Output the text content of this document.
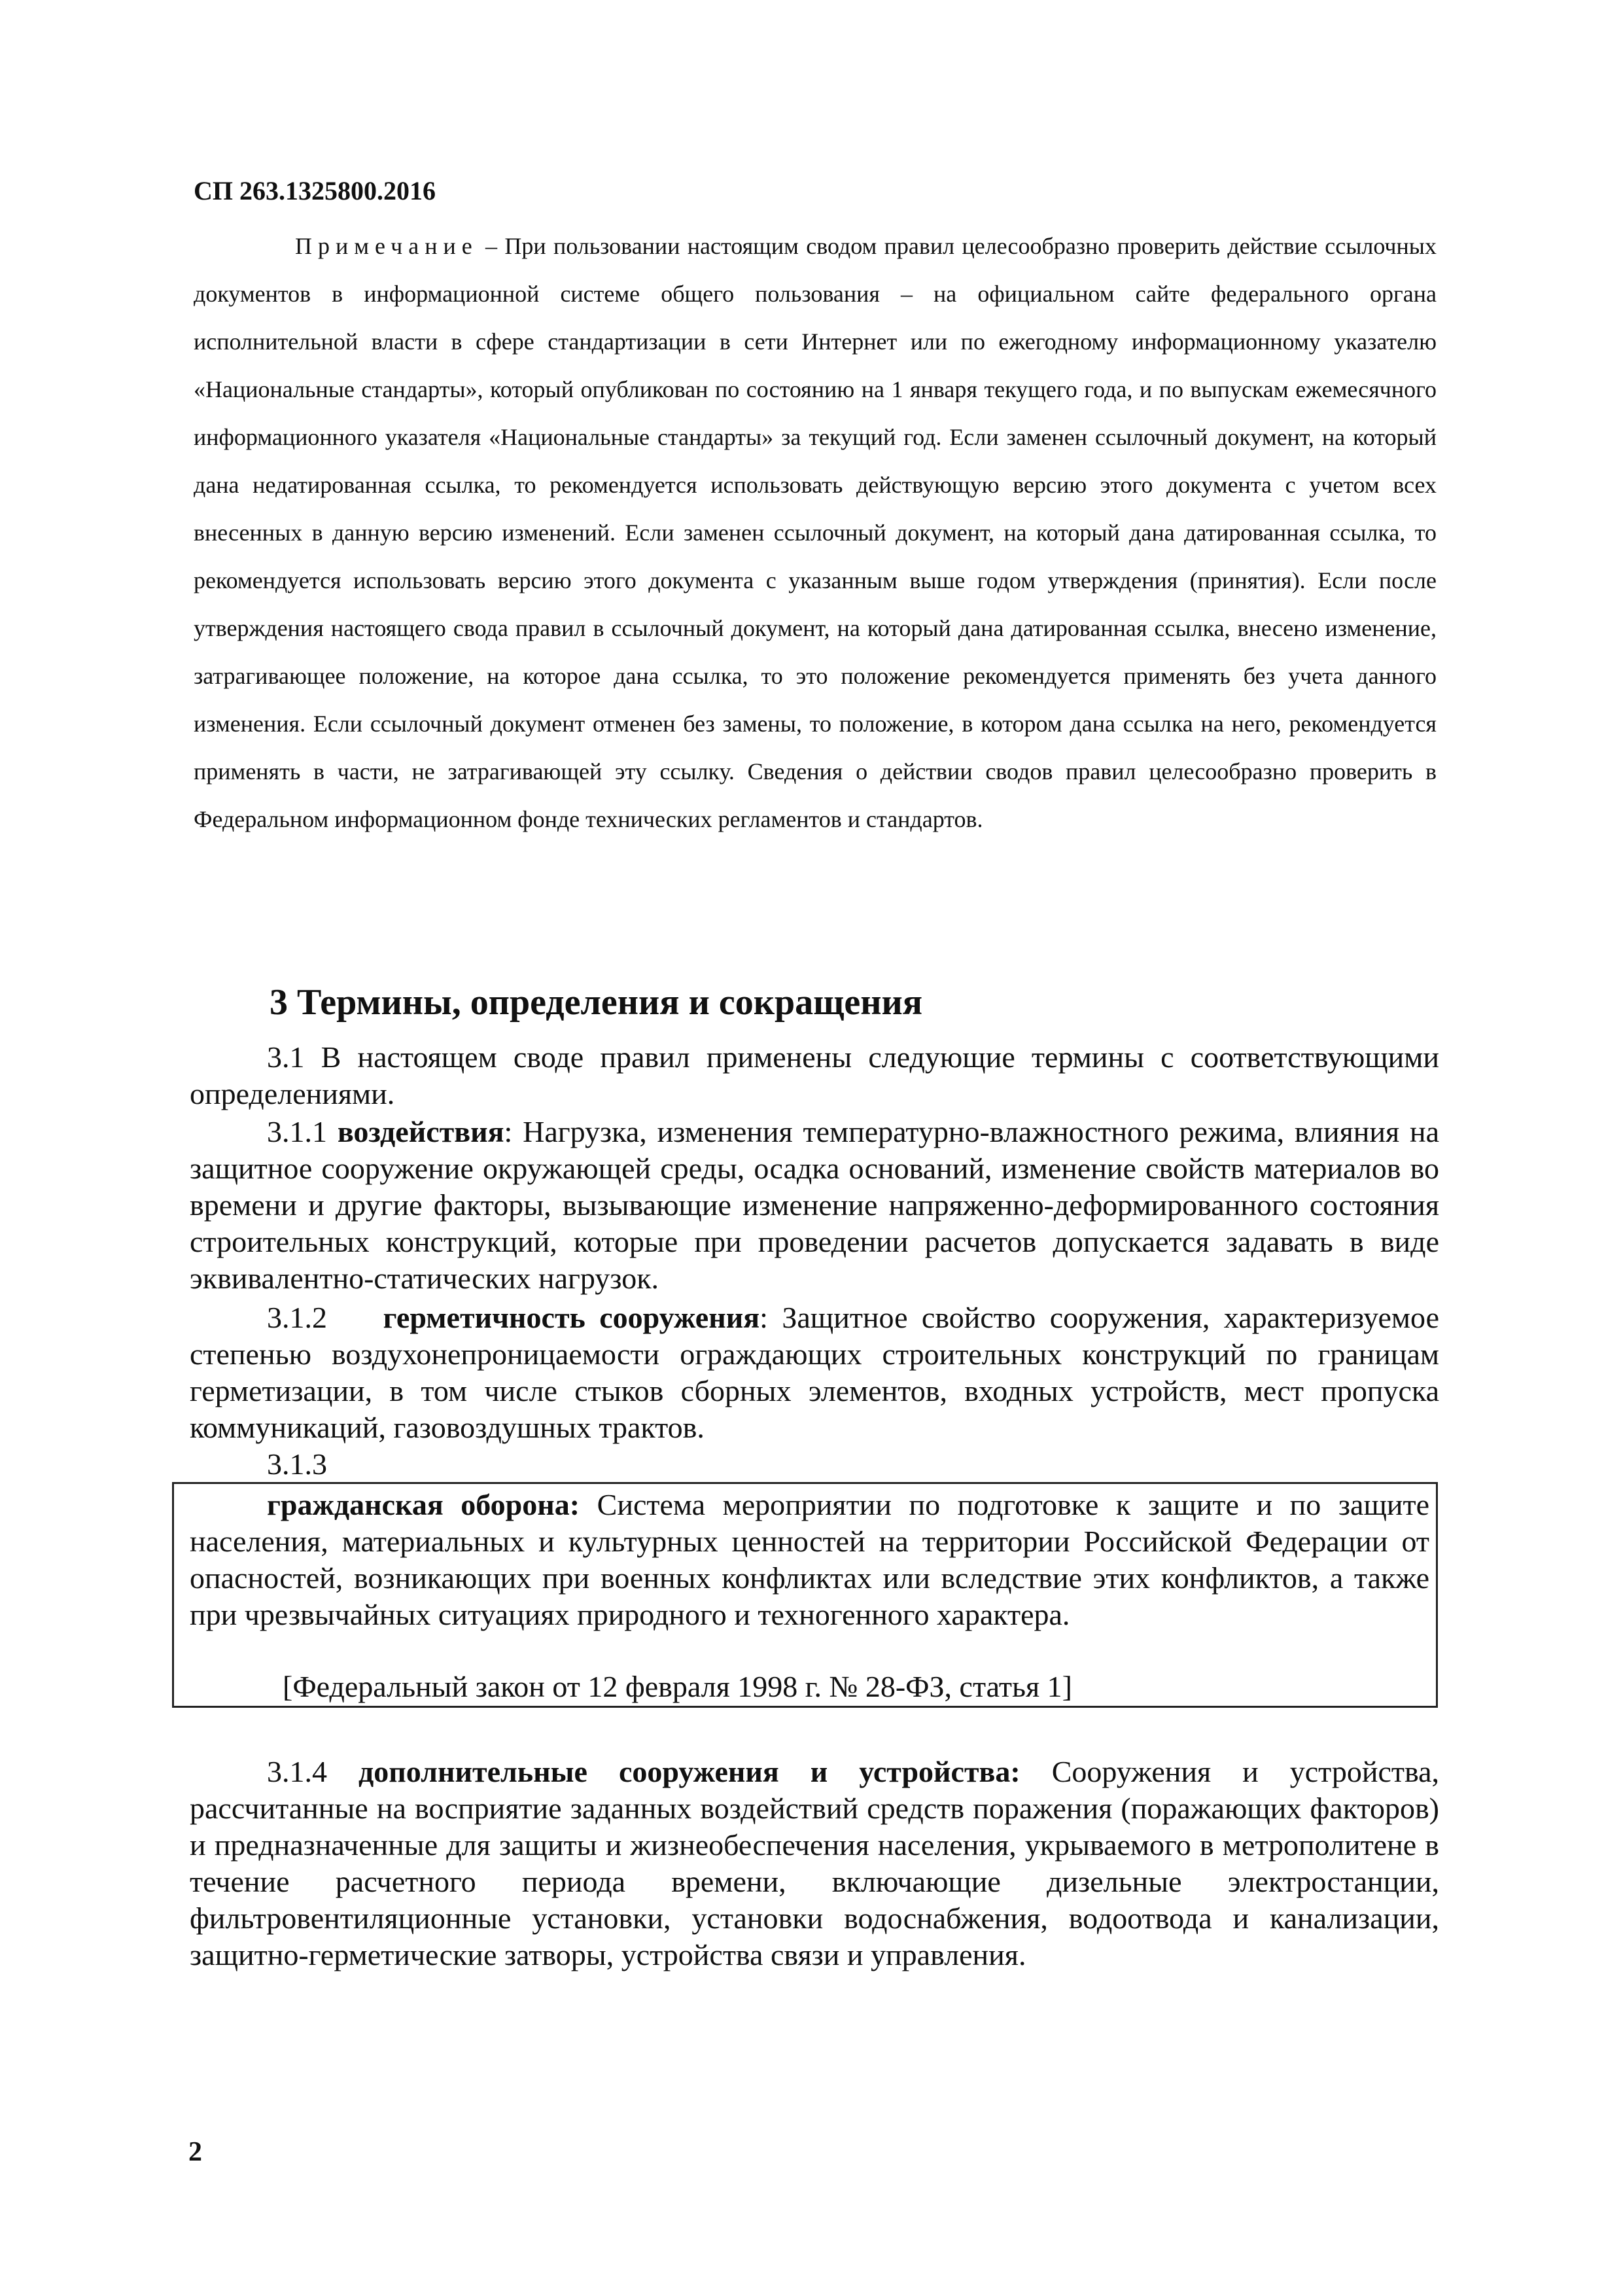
СП 263.1325800.2016
Примечание – При пользовании настоящим сводом правил целесообразно проверить действие ссылочных документов в информационной системе общего пользования – на официальном сайте федерального органа исполнительной власти в сфере стандартизации в сети Интернет или по ежегодному информационному указателю «Национальные стандарты», который опубликован по состоянию на 1 января текущего года, и по выпускам ежемесячного информационного указателя «Национальные стандарты» за текущий год. Если заменен ссылочный документ, на который дана недатированная ссылка, то рекомендуется использовать действующую версию этого документа с учетом всех внесенных в данную версию изменений. Если заменен ссылочный документ, на который дана датированная ссылка, то рекомендуется использовать версию этого документа с указанным выше годом утверждения (принятия). Если после утверждения настоящего свода правил в ссылочный документ, на который дана датированная ссылка, внесено изменение, затрагивающее положение, на которое дана ссылка, то это положение рекомендуется применять без учета данного изменения. Если ссылочный документ отменен без замены, то положение, в котором дана ссылка на него, рекомендуется применять в части, не затрагивающей эту ссылку. Сведения о действии сводов правил целесообразно проверить в Федеральном информационном фонде технических регламентов и стандартов.
3 Термины, определения и сокращения
3.1 В настоящем своде правил применены следующие термины с соответствующими определениями.
3.1.1 воздействия: Нагрузка, изменения температурно-влажностного режима, влияния на защитное сооружение окружающей среды, осадка оснований, изменение свойств материалов во времени и другие факторы, вызывающие изменение напряженно-деформированного состояния строительных конструкций, которые при проведении расчетов допускается задавать в виде эквивалентно-статических нагрузок.
3.1.2 герметичность сооружения: Защитное свойство сооружения, характеризуемое степенью воздухонепроницаемости ограждающих строительных конструкций по границам герметизации, в том числе стыков сборных элементов, входных устройств, мест пропуска коммуникаций, газовоздушных трактов.
3.1.3
гражданская оборона: Система мероприятии по подготовке к защите и по защите населения, материальных и культурных ценностей на территории Российской Федерации от опасностей, возникающих при военных конфликтах или вследствие этих конфликтов, а также при чрезвычайных ситуациях природного и техногенного характера.
[Федеральный закон от 12 февраля 1998 г. № 28-ФЗ, статья 1]
3.1.4 дополнительные сооружения и устройства: Сооружения и устройства, рассчитанные на восприятие заданных воздействий средств поражения (поражающих факторов) и предназначенные для защиты и жизнеобеспечения населения, укрываемого в метрополитене в течение расчетного периода времени, включающие дизельные электростанции, фильтровентиляционные установки, установки водоснабжения, водоотвода и канализации, защитно-герметические затворы, устройства связи и управления.
2
